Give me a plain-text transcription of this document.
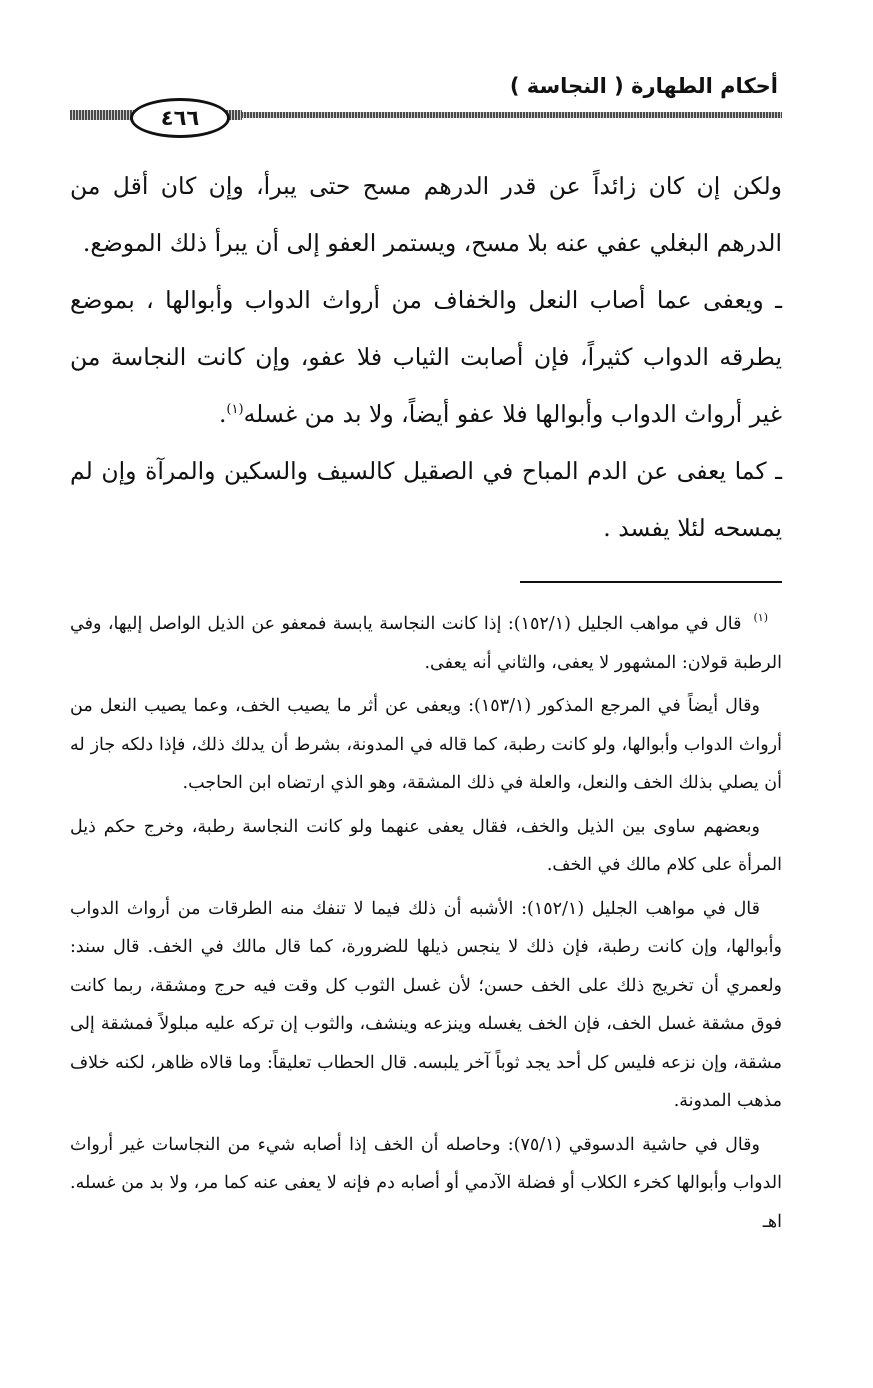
أحكام الطهارة ( النجاسة )
٤٦٦

ولكن إن كان زائداً عن قدر الدرهم مسح حتى يبرأ، وإن كان أقل من الدرهم البغلي عفي عنه بلا مسح، ويستمر العفو إلى أن يبرأ ذلك الموضع.

ـ ويعفى عما أصاب النعل والخفاف من أرواث الدواب وأبوالها ، بموضع يطرقه الدواب كثيراً، فإن أصابت الثياب فلا عفو، وإن كانت النجاسة من غير أرواث الدواب وأبوالها فلا عفو أيضاً، ولا بد من غسله$^{(١)}$.

ـ كما يعفى عن الدم المباح في الصقيل كالسيف والسكين والمرآة وإن لم يمسحه لئلا يفسد .

(١)قال في مواهب الجليل (١٥٢/١): إذا كانت النجاسة يابسة فمعفو عن الذيل الواصل إليها، وفي الرطبة قولان: المشهور لا يعفى، والثاني أنه يعفى.

وقال أيضاً في المرجع المذكور (١٥٣/١): ويعفى عن أثر ما يصيب الخف، وعما يصيب النعل من أرواث الدواب وأبوالها، ولو كانت رطبة، كما قاله في المدونة، بشرط أن يدلك ذلك، فإذا دلكه جاز له أن يصلي بذلك الخف والنعل، والعلة في ذلك المشقة، وهو الذي ارتضاه ابن الحاجب.

وبعضهم ساوى بين الذيل والخف، فقال يعفى عنهما ولو كانت النجاسة رطبة، وخرج حكم ذيل المرأة على كلام مالك في الخف.

قال في مواهب الجليل (١٥٢/١): الأشبه أن ذلك فيما لا تنفك منه الطرقات من أرواث الدواب وأبوالها، وإن كانت رطبة، فإن ذلك لا ينجس ذيلها للضرورة، كما قال مالك في الخف. قال سند: ولعمري أن تخريج ذلك على الخف حسن؛ لأن غسل الثوب كل وقت فيه حرج ومشقة، ربما كانت فوق مشقة غسل الخف، فإن الخف يغسله وينزعه وينشف، والثوب إن تركه عليه مبلولاً فمشقة إلى مشقة، وإن نزعه فليس كل أحد يجد ثوباً آخر يلبسه. قال الحطاب تعليقاً: وما قالاه ظاهر، لكنه خلاف مذهب المدونة.

وقال في حاشية الدسوقي (٧٥/١): وحاصله أن الخف إذا أصابه شيء من النجاسات غير أرواث الدواب وأبوالها كخرء الكلاب أو فضلة الآدمي أو أصابه دم فإنه لا يعفى عنه كما مر، ولا بد من غسله. اهـ
